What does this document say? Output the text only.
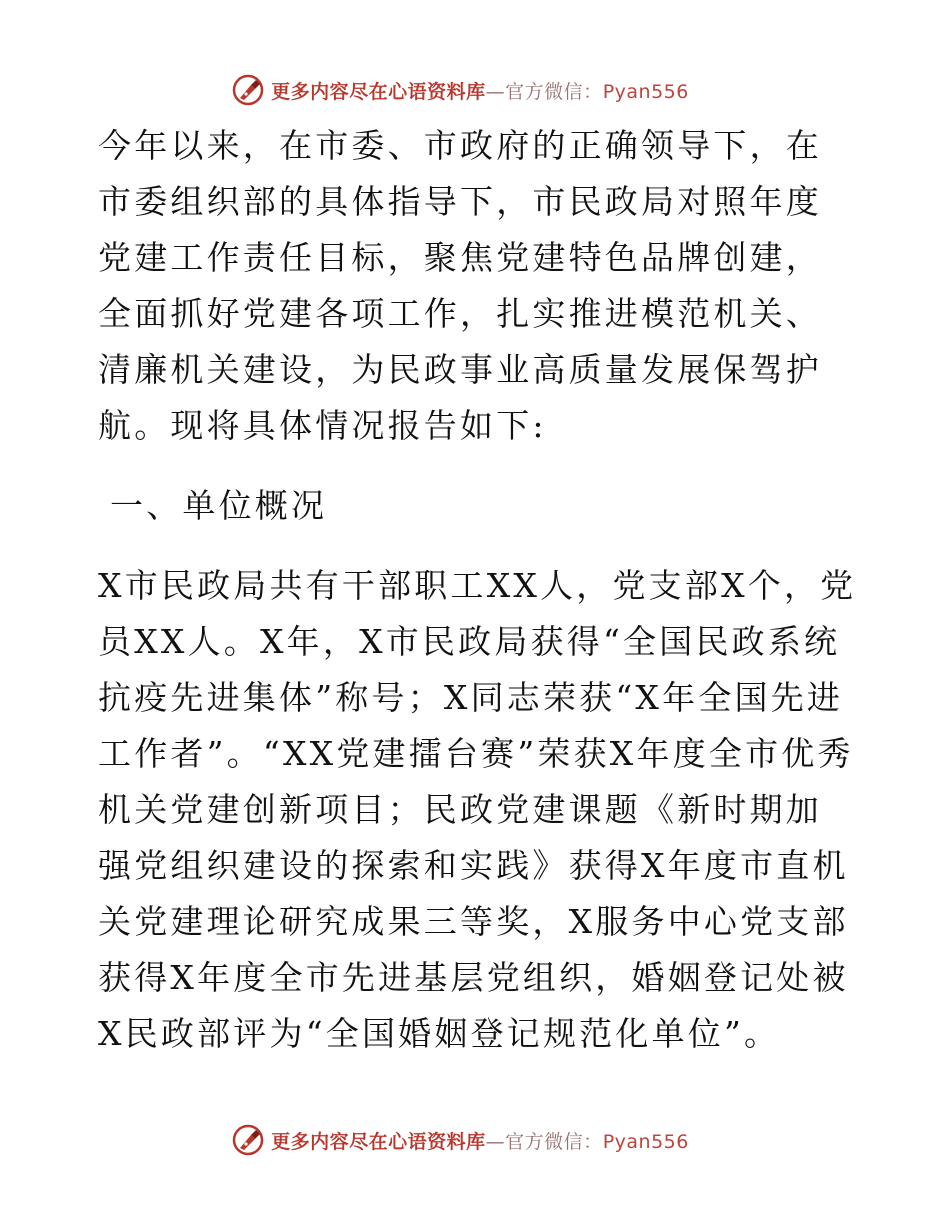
更多内容尽在心语资料库—官方微信：Pyan556

今年以来，在市委、市政府的正确领导下，在市委组织部的具体指导下，市民政局对照年度党建工作责任目标，聚焦党建特色品牌创建，全面抓好党建各项工作，扎实推进模范机关、清廉机关建设，为民政事业高质量发展保驾护航。现将具体情况报告如下:

一、单位概况

X市民政局共有干部职工XX人，党支部X个，党员XX人。X年，X市民政局获得“全国民政系统抗疫先进集体”称号；X同志荣获“X年全国先进工作者”。“XX党建擂台赛”荣获X年度全市优秀机关党建创新项目；民政党建课题《新时期加强党组织建设的探索和实践》获得X年度市直机关党建理论研究成果三等奖，X服务中心党支部获得X年度全市先进基层党组织，婚姻登记处被X民政部评为“全国婚姻登记规范化单位”。

更多内容尽在心语资料库—官方微信：Pyan556
